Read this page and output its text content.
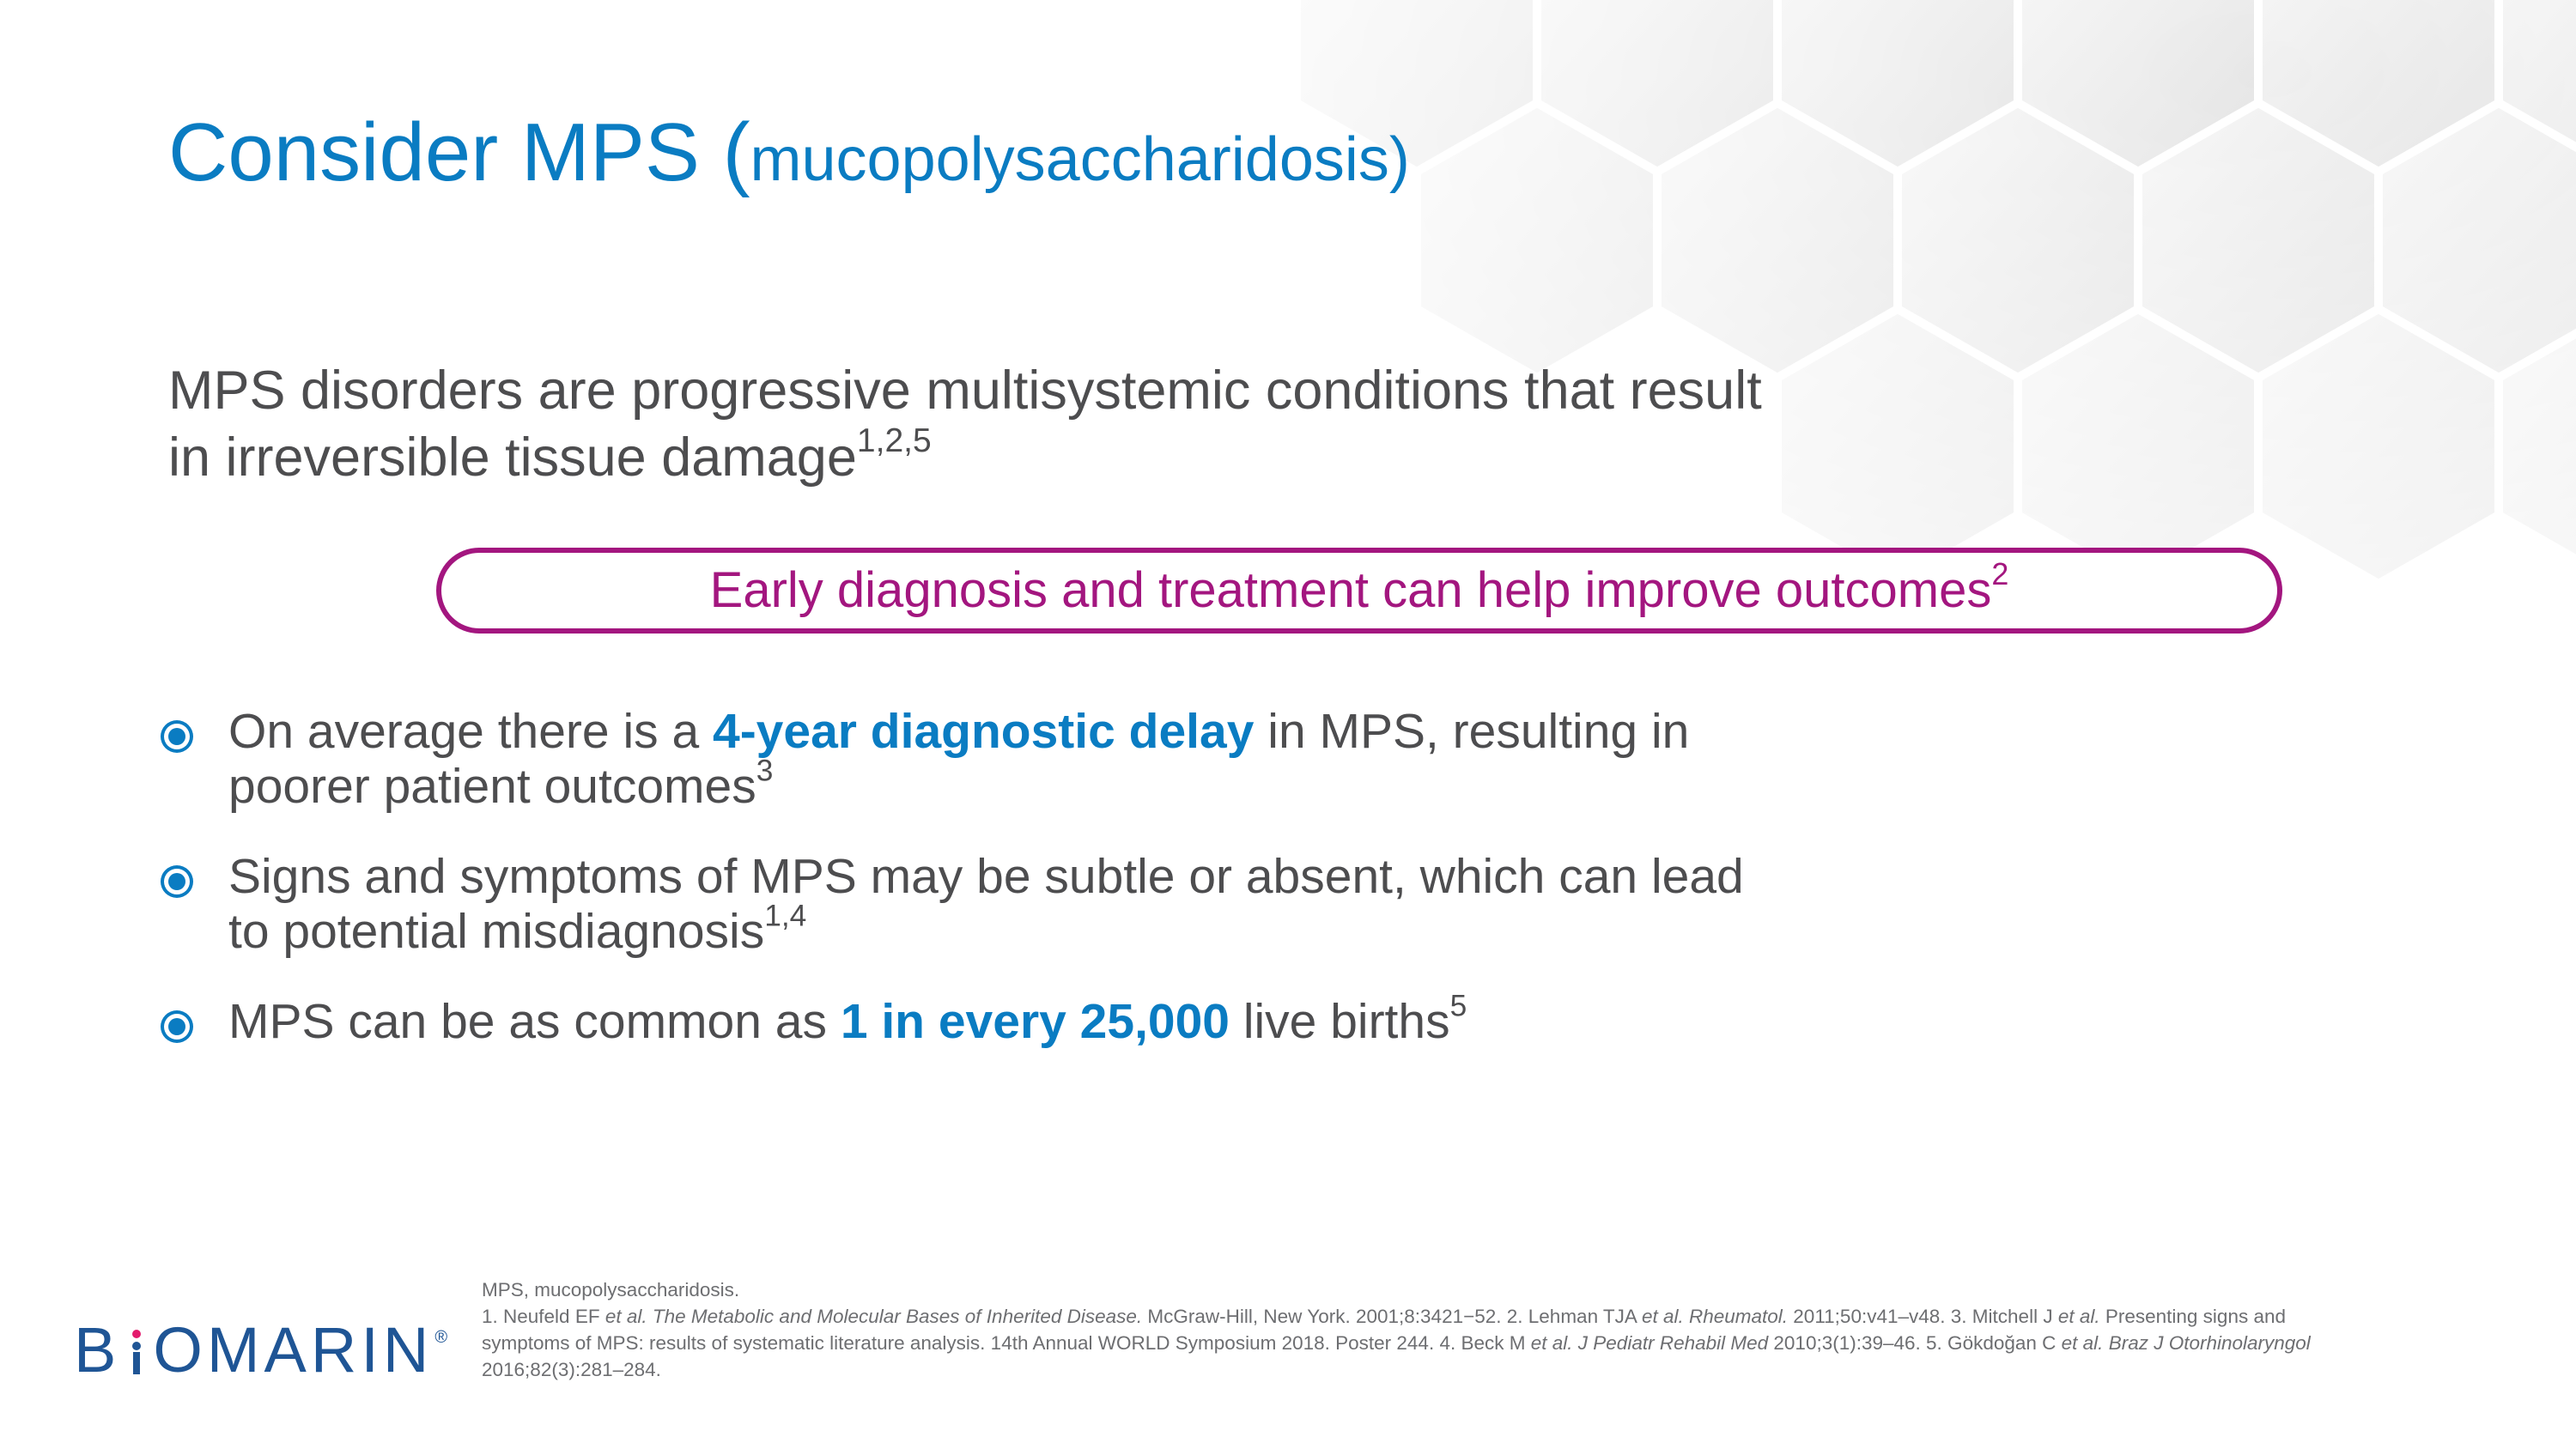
Consider MPS (mucopolysaccharidosis)

MPS disorders are progressive multisystemic conditions that result
in irreversible tissue damage$^{1,2,5}$

Early diagnosis and treatment can help improve outcomes$^2$
On average there is a 4-year diagnostic delay in MPS, resulting in
poorer patient outcomes$^3$
Signs and symptoms of MPS may be subtle or absent, which can lead
to potential misdiagnosis$^{1,4}$
MPS can be as common as 1 in every 25,000 live births$^5$
B OMARIN ®

MPS, mucopolysaccharidosis.

1. Neufeld EF et al. The Metabolic and Molecular Bases of Inherited Disease. McGraw-Hill, New York. 2001;8:3421−52. 2. Lehman TJA et al. Rheumatol. 2011;50:v41–v48. 3. Mitchell J et al. Presenting signs and symptoms of MPS: results of systematic literature analysis. 14th Annual WORLD Symposium 2018. Poster 244. 4. Beck M et al. J Pediatr Rehabil Med 2010;3(1):39–46. 5. Gökdoğan C et al. Braz J Otorhinolaryngol 2016;82(3):281–284.
